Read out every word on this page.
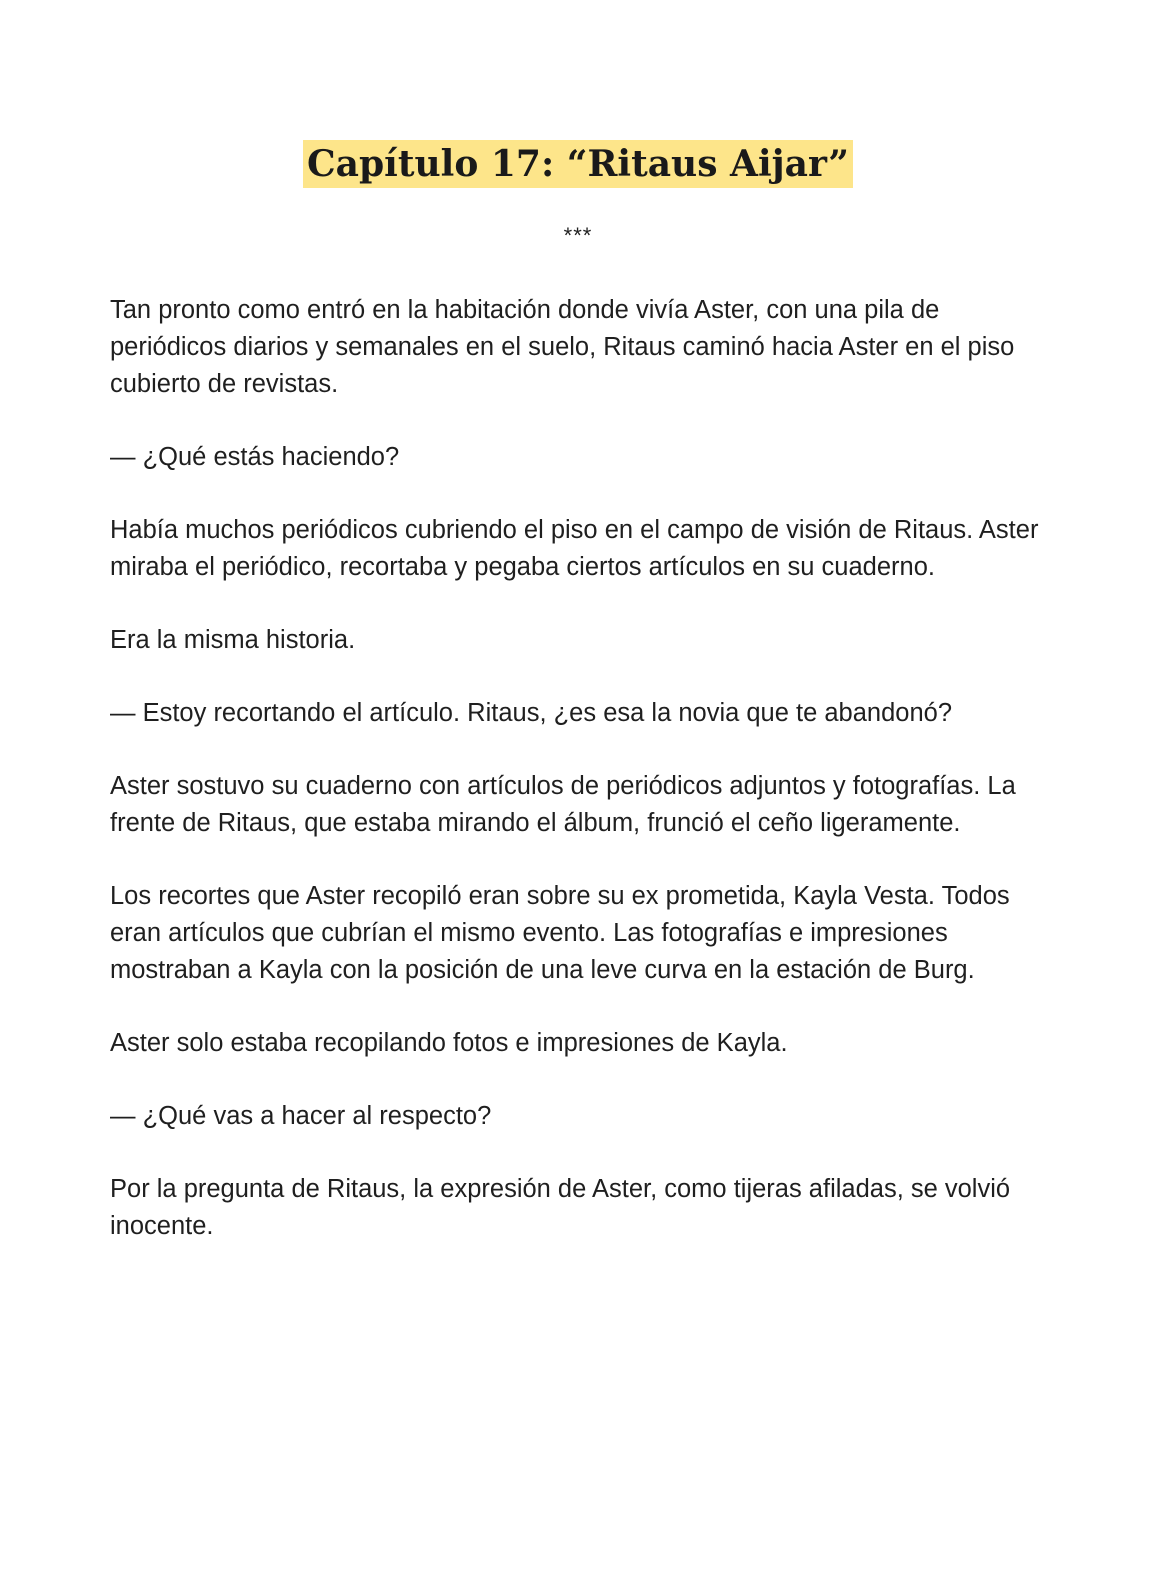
Capítulo 17: “Ritaus Aijar”
***

Tan pronto como entró en la habitación donde vivía Aster, con una pila de periódicos diarios y semanales en el suelo, Ritaus caminó hacia Aster en el piso cubierto de revistas.

— ¿Qué estás haciendo?

Había muchos periódicos cubriendo el piso en el campo de visión de Ritaus. Aster miraba el periódico, recortaba y pegaba ciertos artículos en su cuaderno.

Era la misma historia.

— Estoy recortando el artículo. Ritaus, ¿es esa la novia que te abandonó?

Aster sostuvo su cuaderno con artículos de periódicos adjuntos y fotografías. La frente de Ritaus, que estaba mirando el álbum, frunció el ceño ligeramente.

Los recortes que Aster recopiló eran sobre su ex prometida, Kayla Vesta. Todos eran artículos que cubrían el mismo evento. Las fotografías e impresiones mostraban a Kayla con la posición de una leve curva en la estación de Burg.

Aster solo estaba recopilando fotos e impresiones de Kayla.

— ¿Qué vas a hacer al respecto?

Por la pregunta de Ritaus, la expresión de Aster, como tijeras afiladas, se volvió inocente.
